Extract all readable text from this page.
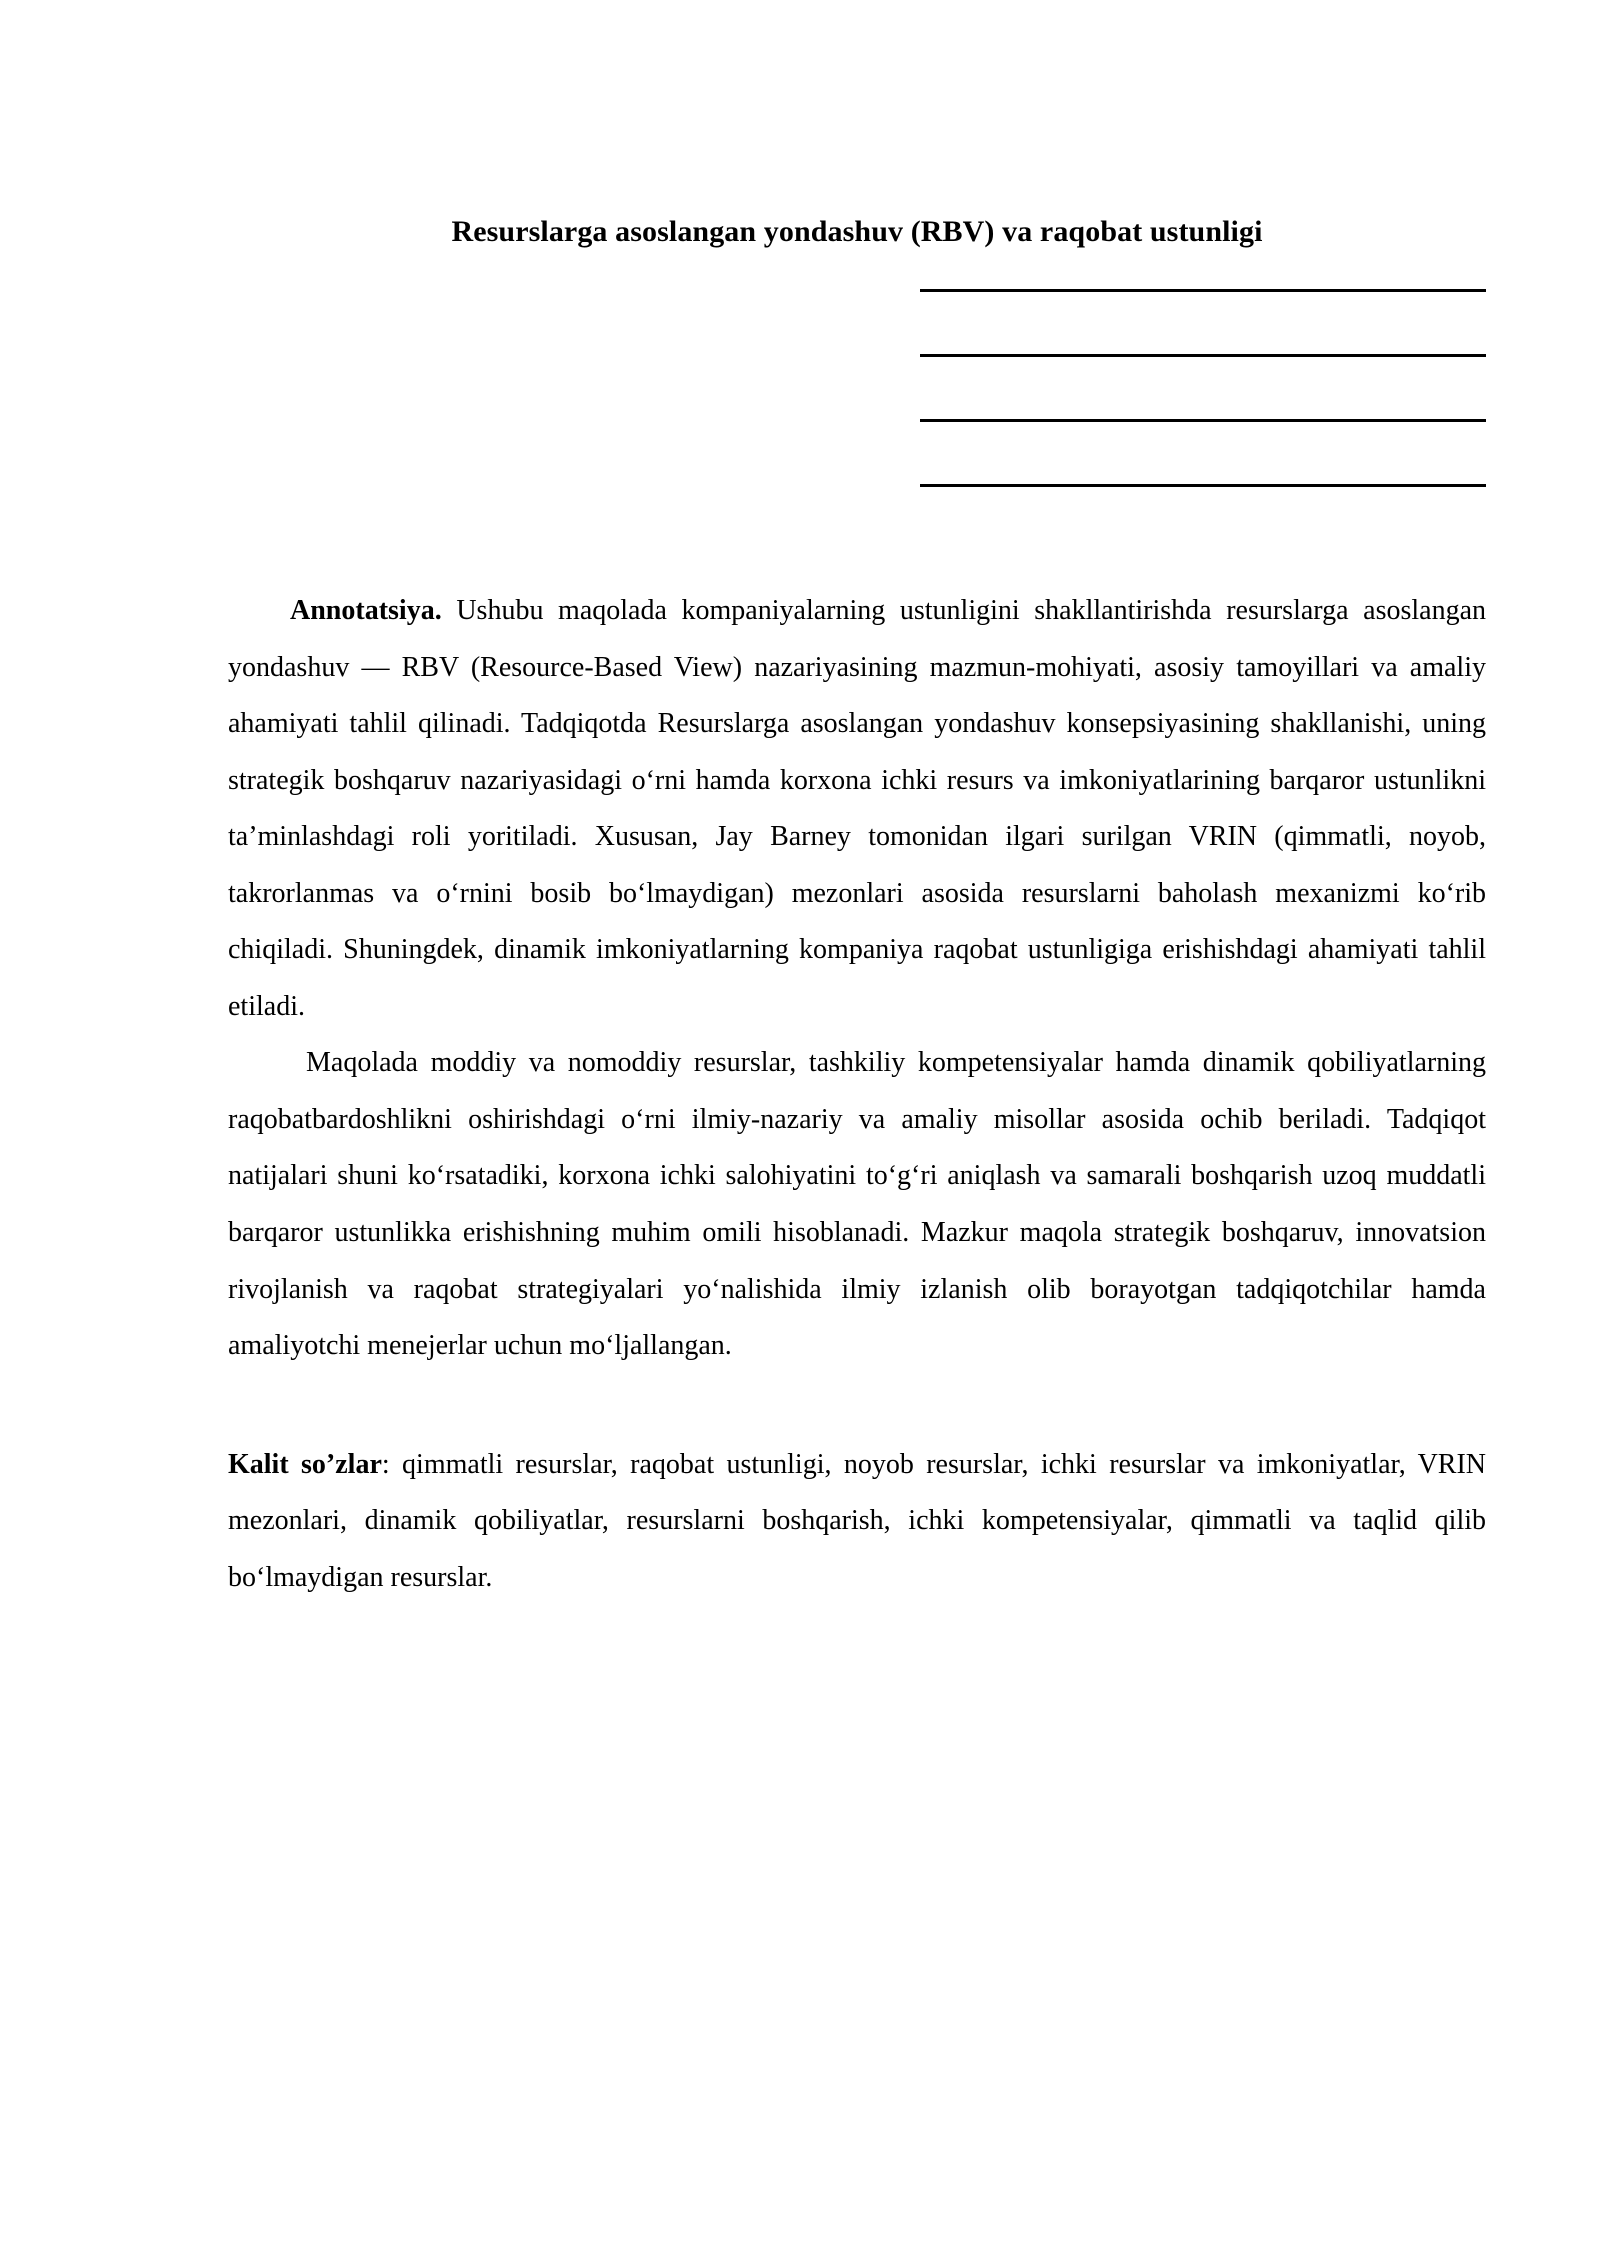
Resurslarga asoslangan yondashuv (RBV) va raqobat ustunligi

Annotatsiya. Ushubu maqolada kompaniyalarning ustunligini shakllantirishda resurslarga asoslangan yondashuv — RBV (Resource-Based View) nazariyasining mazmun-mohiyati, asosiy tamoyillari va amaliy ahamiyati tahlil qilinadi. Tadqiqotda Resurslarga asoslangan yondashuv konsepsiyasining shakllanishi, uning strategik boshqaruv nazariyasidagi o‘rni hamda korxona ichki resurs va imkoniyatlarining barqaror ustunlikni ta’minlashdagi roli yoritiladi. Xususan, Jay Barney tomonidan ilgari surilgan VRIN (qimmatli, noyob, takrorlanmas va o‘rnini bosib bo‘lmaydigan) mezonlari asosida resurslarni baholash mexanizmi ko‘rib chiqiladi. Shuningdek, dinamik imkoniyatlarning kompaniya raqobat ustunligiga erishishdagi ahamiyati tahlil etiladi.

Maqolada moddiy va nomoddiy resurslar, tashkiliy kompetensiyalar hamda dinamik qobiliyatlarning raqobatbardoshlikni oshirishdagi o‘rni ilmiy-nazariy va amaliy misollar asosida ochib beriladi. Tadqiqot natijalari shuni ko‘rsatadiki, korxona ichki salohiyatini to‘g‘ri aniqlash va samarali boshqarish uzoq muddatli barqaror ustunlikka erishishning muhim omili hisoblanadi. Mazkur maqola strategik boshqaruv, innovatsion rivojlanish va raqobat strategiyalari yo‘nalishida ilmiy izlanish olib borayotgan tadqiqotchilar hamda amaliyotchi menejerlar uchun mo‘ljallangan.

Kalit so’zlar: qimmatli resurslar, raqobat ustunligi, noyob resurslar, ichki resurslar va imkoniyatlar, VRIN mezonlari, dinamik qobiliyatlar, resurslarni boshqarish, ichki kompetensiyalar, qimmatli va taqlid qilib bo‘lmaydigan resurslar.
